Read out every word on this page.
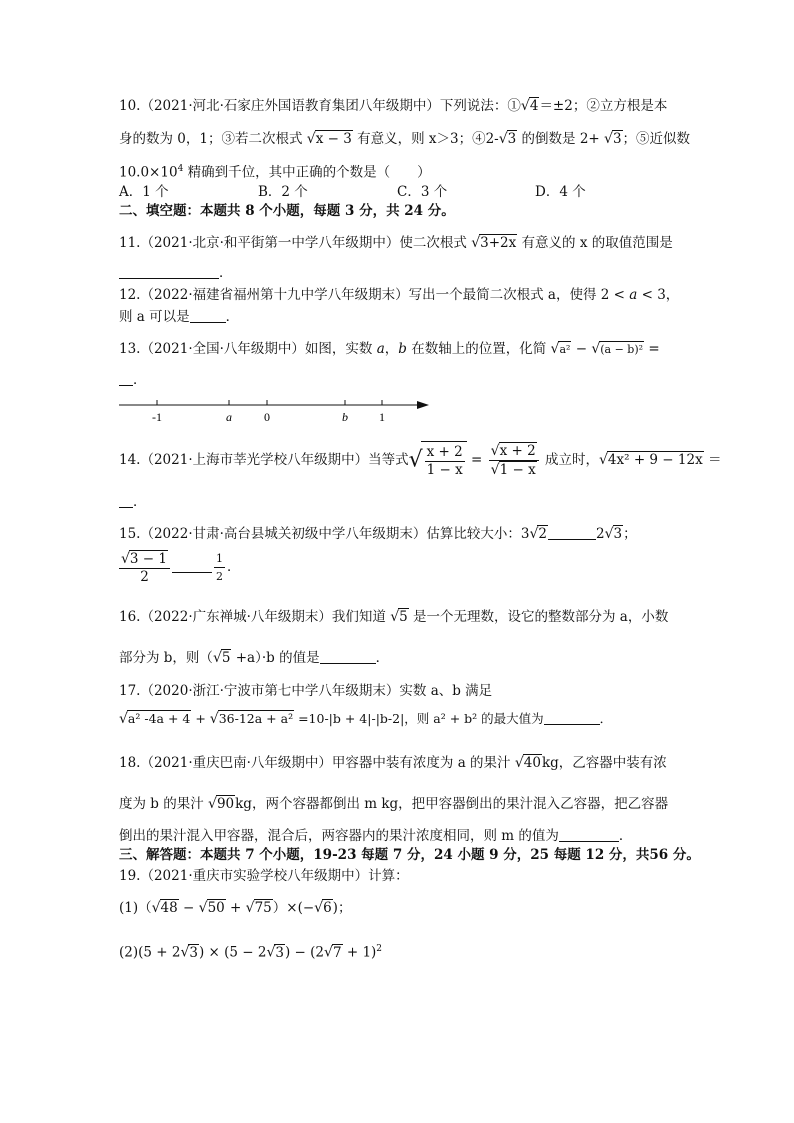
10.（2021·河北·石家庄外国语教育集团八年级期中）下列说法：①√4＝±2；②立方根是本
身的数为 0，1；③若二次根式 √x − 3 有意义，则 x＞3；④2-√3 的倒数是 2+ √3；⑤近似数
$10.0\times 10^4$ 精确到千位，其中正确的个数是（　　）
A．1 个	B．2 个	C．3 个	D．4 个
二、填空题：本题共 8 个小题，每题 3 分，共 24 分。
11.（2021·北京·和平街第一中学八年级期中）使二次根式 √3+2x 有意义的 x 的取值范围是
．
12.（2022·福建省福州第十九中学八年级期末）写出一个最简二次根式 a，使得 2 < a < 3，
则 a 可以是	．
13.（2021·全国·八年级期中）如图，实数 a，b 在数轴上的位置，化简 √a² − √(a − b)² =
．
-1	a	0	b	1
14.（2021·上海市莘光学校八年级期中）当等式√ $\frac{x + 2}{1 - x} = \frac{√x + 2}{√1 - x}$ 成立时，√4x² + 9 − 12x ＝
．
15.（2022·甘肃·高台县城关初级中学八年级期末）估算比较大小：3√2	2√3；
$\frac{√3 - 1}{2}$	$\frac{1}{2}$ ．
16.（2022·广东禅城·八年级期末）我们知道 √5 是一个无理数，设它的整数部分为 a，小数
部分为 b，则（√5 +a）·b 的值是	．
17.（2020·浙江·宁波市第七中学八年级期末）实数 a、b 满足
√a² -4a + 4 + √36-12a + a² =10-|b + 4|-|b-2|，则 a² + b² 的最大值为	．
18.（2021·重庆巴南·八年级期中）甲容器中装有浓度为 a 的果汁 √40kg，乙容器中装有浓
度为 b 的果汁 √90kg，两个容器都倒出 m kg，把甲容器倒出的果汁混入乙容器，把乙容器
倒出的果汁混入甲容器，混合后，两容器内的果汁浓度相同，则 m 的值为	．
三、解答题：本题共 7 个小题，19-23 每题 7 分，24 小题 9 分，25 每题 12 分，共56 分。
19.（2021·重庆市实验学校八年级期中）计算：
(1)（√48 − √50 + √75）×(−√6)；
$(2)(5 + 2√3) \times (5 - 2√3) - (2√7 + 1)^2$
